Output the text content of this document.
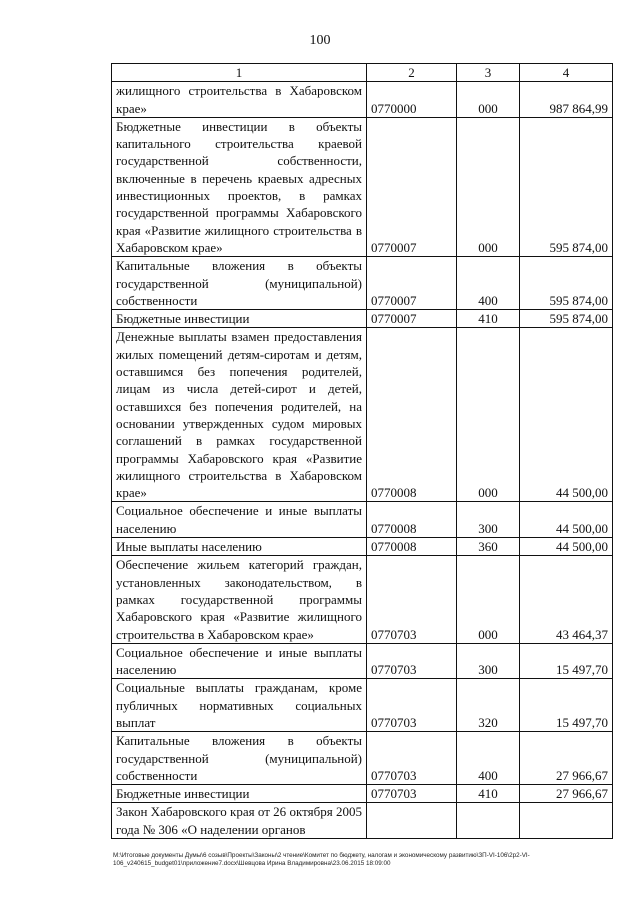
100
1	2	3	4
жилищного строительства в Хабаровском крае»	0770000	000	987 864,99
Бюджетные инвестиции в объекты капитального строительства краевой государственной собственности, включенные в перечень краевых адресных инвестиционных проектов, в рамках государственной программы Хабаровского края «Развитие жилищного строительства в Хабаровском крае»	0770007	000	595 874,00
Капитальные вложения в объекты государственной (муниципальной) собственности	0770007	400	595 874,00
Бюджетные инвестиции	0770007	410	595 874,00
Денежные выплаты взамен предоставления жилых помещений детям-сиротам и детям, оставшимся без попечения родителей, лицам из числа детей-сирот и детей, оставшихся без попечения родителей, на основании утвержденных судом мировых соглашений в рамках государственной программы Хабаровского края «Развитие жилищного строительства в Хабаровском крае»	0770008	000	44 500,00
Социальное обеспечение и иные выплаты населению	0770008	300	44 500,00
Иные выплаты населению	0770008	360	44 500,00
Обеспечение жильем категорий граждан, установленных законодательством, в рамках государственной программы Хабаровского края «Развитие жилищного строительства в Хабаровском крае»	0770703	000	43 464,37
Социальное обеспечение и иные выплаты населению	0770703	300	15 497,70
Социальные выплаты гражданам, кроме публичных нормативных социальных выплат	0770703	320	15 497,70
Капитальные вложения в объекты государственной (муниципальной) собственности	0770703	400	27 966,67
Бюджетные инвестиции	0770703	410	27 966,67
Закон Хабаровского края от 26 октября 2005 года № 306 «О наделении органов			
M:\Итоговые документы Думы\6 созыв\Проекты\Законы\2 чтение\Комитет по бюджету, налогам и экономическому развитию\ЗП-VI-106\2р2-VI-106_v240615_budget01\приложение7.docx\Шевцова Ирина Владимировна\23.06.2015 18:09:00
